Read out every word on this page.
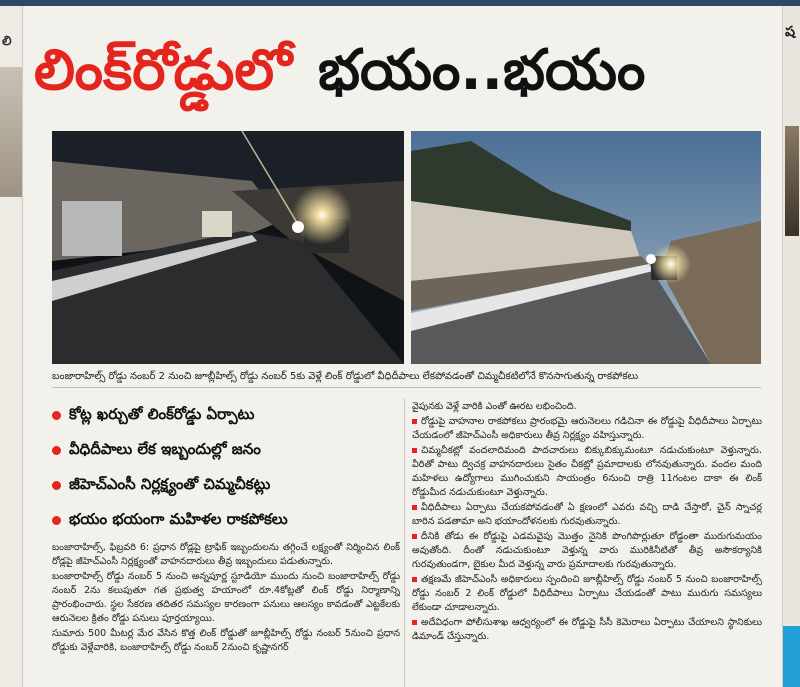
లి
ష
లింక్‌రోడ్డులో భయం..భయం
బంజారాహిల్స్ రోడ్డు నంబర్ 2 నుంచి జూబ్లీహిల్స్ రోడ్డు నంబర్ 5కు వెళ్లే లింక్ రోడ్డులో వీధిదీపాలు లేకపోవడంతో చిమ్మచీకటిలోనే కొనసాగుతున్న రాకపోకలు
కోట్ల ఖర్చుతో లింక్‌రోడ్డు ఏర్పాటు
వీధిదీపాలు లేక ఇబ్బందుల్లో జనం
జీహెచ్‌ఎంసీ నిర్లక్ష్యంతో చిమ్మచీకట్లు
భయం భయంగా మహిళల రాకపోకలు

బంజారాహిల్స్, ఫిబ్రవరి 6: ప్రధాన రోడ్లపై ట్రాఫిక్ ఇబ్బందులను తగ్గించే లక్ష్యంతో నిర్మించిన లింక్ రోడ్లపై జీహెచ్ఎంసీ నిర్లక్ష్యంతో వాహనదారులు తీవ్ర ఇబ్బందులు పడుతున్నారు.

బంజారాహిల్స్ రోడ్డు నంబర్ 5 నుంచి అన్నపూర్ణ స్టూడియో ముందు నుంచి బంజారాహిల్స్ రోడ్డు నంబర్ 2ను కలుపుతూ గత ప్రభుత్వ హయాంలో రూ.4కోట్లతో లింక్ రోడ్డు నిర్మాణాన్ని ప్రారంభించారు. స్థల సేకరణ తదితర సమస్యల కారణంగా పనులు ఆలస్యం కావడంతో ఎట్టకేలకు ఆరునెలల క్రితం రోడ్డు పనులు పూర్తయ్యాయి.

సుమారు 500 మీటర్ల మేర వేసిన కొత్త లింక్ రోడ్డుతో జూబ్లీహిల్స్ రోడ్డు నంబర్ 5నుంచి ప్రధాన రోడ్డుకు వెళ్లేవారికి, బంజారాహిల్స్ రోడ్డు నంబర్ 2నుంచి కృష్ణానగర్

వైపునకు వెళ్లే వారికి ఎంతో ఊరట లభించింది.

రోడ్డుపై వాహనాల రాకపోకలు ప్రారంభమై ఆరునెలలు గడిచినా ఈ రోడ్డుపై వీధిదీపాలు ఏర్పాటు చేయడంలో జీహెచ్ఎంసీ అధికారులు తీవ్ర నిర్లక్ష్యం వహిస్తున్నారు.

చిమ్మచీకట్లో వందలాదిమంది పాదచారులు బిక్కుబిక్కుమంటూ నడుచుకుంటూ వెళ్తున్నారు. వీరితో పాటు ద్విచక్ర వాహనదారులు సైతం చీకట్లో ప్రమాదాలకు లోనవుతున్నారు. వందల మంది మహిళలు ఉద్యోగాలు ముగించుకుని సాయంత్రం 6నుంచి రాత్రి 11గంటల దాకా ఈ లింక్ రోడ్డుమీద నడుచుకుంటూ వెళ్తున్నారు.

వీధిదీపాలు ఏర్పాటు చేయకపోవడంతో ఏ క్షణంలో ఎవరు వచ్చి దాడి చేస్తారో, చైన్ స్నాచర్ల బారిన పడతామా అని భయాందోళనలకు గురవుతున్నారు.

దీనికి తోడు ఈ రోడ్డుపై ఎడమవైపు మొత్తం నైనికి పొంగిపొర్లుతూ రోడ్డంతా మురుగుమయం అవుతోంది. దీంతో నడుచుకుంటూ వెళ్తున్న వారు మురికినీటితో తీవ్ర అసౌకర్యానికి గురవుతుండగా, బైకుల మీద వెళ్తున్న వారు ప్రమాదాలకు గురవుతున్నారు.

తక్షణమే జీహెచ్ఎంసీ అధికారులు స్పందించి జూబ్లీహిల్స్ రోడ్డు నంబర్ 5 నుంచి బంజారాహిల్స్ రోడ్డు నంబర్ 2 లింక్ రోడ్డులో వీధిదీపాలు ఏర్పాటు చేయడంతో పాటు మురుగు సమస్యలు లేకుండా చూడాలన్నారు.

అదేవిధంగా పోలీసుశాఖ ఆధ్వర్యంలో ఈ రోడ్డుపై సీసీ కెమెరాలు ఏర్పాటు చేయాలని స్థానికులు డిమాండ్ చేస్తున్నారు.
